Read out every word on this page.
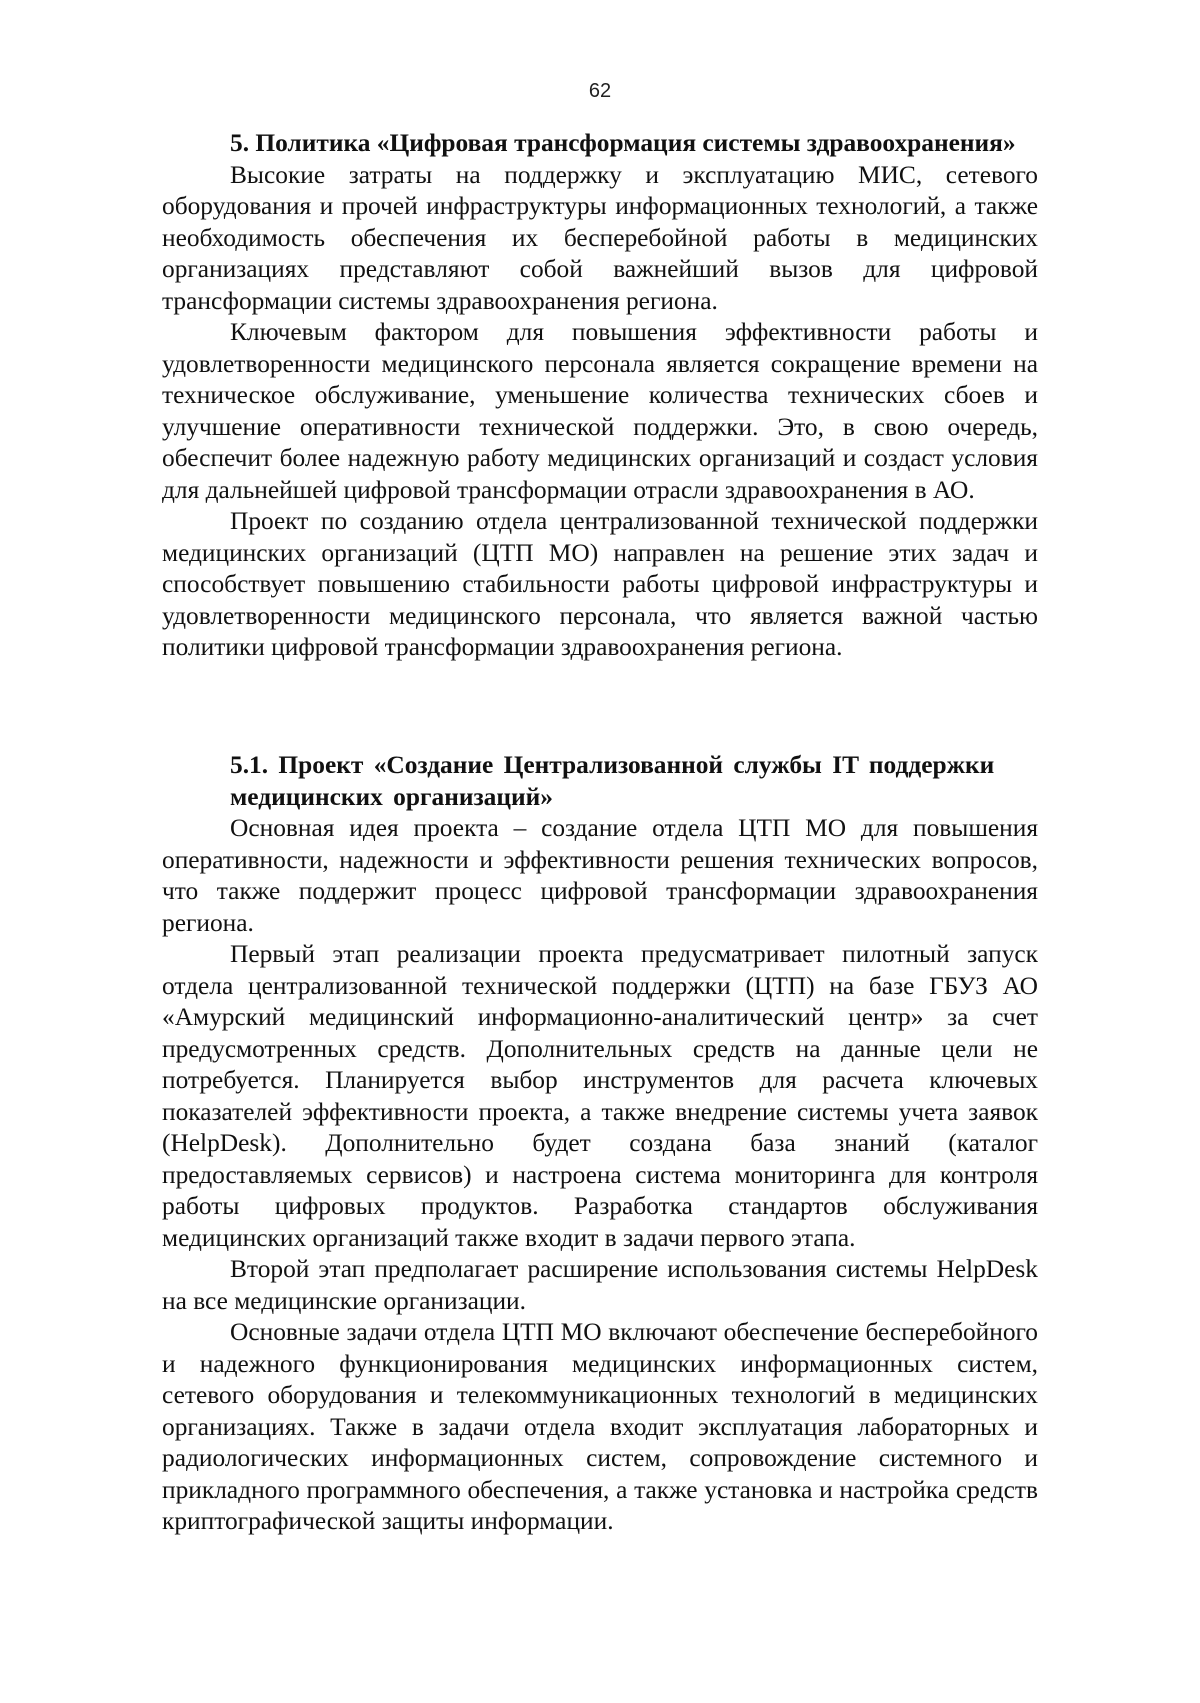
62
5. Политика «Цифровая трансформация системы здравоохранения»

Высокие затраты на поддержку и эксплуатацию МИС, сетевого оборудования и прочей инфраструктуры информационных технологий, а также необходимость обеспечения их бесперебойной работы в медицинских организациях представляют собой важнейший вызов для цифровой трансформации системы здравоохранения региона.

Ключевым фактором для повышения эффективности работы и удовлетворенности медицинского персонала является сокращение времени на техническое обслуживание, уменьшение количества технических сбоев и улучшение оперативности технической поддержки. Это, в свою очередь, обеспечит более надежную работу медицинских организаций и создаст условия для дальнейшей цифровой трансформации отрасли здравоохранения в АО.

Проект по созданию отдела централизованной технической поддержки медицинских организаций (ЦТП МО) направлен на решение этих задач и способствует повышению стабильности работы цифровой инфраструктуры и удовлетворенности медицинского персонала, что является важной частью политики цифровой трансформации здравоохранения региона.

5.1. Проект «Создание Централизованной службы IT поддержки медицинских организаций»

Основная идея проекта – создание отдела ЦТП МО для повышения оперативности, надежности и эффективности решения технических вопросов, что также поддержит процесс цифровой трансформации здравоохранения региона.

Первый этап реализации проекта предусматривает пилотный запуск отдела централизованной технической поддержки (ЦТП) на базе ГБУЗ АО «Амурский медицинский информационно-аналитический центр» за счет предусмотренных средств. Дополнительных средств на данные цели не потребуется. Планируется выбор инструментов для расчета ключевых показателей эффективности проекта, а также внедрение системы учета заявок (HelpDesk). Дополнительно будет создана база знаний (каталог предоставляемых сервисов) и настроена система мониторинга для контроля работы цифровых продуктов. Разработка стандартов обслуживания медицинских организаций также входит в задачи первого этапа.

Второй этап предполагает расширение использования системы HelpDesk на все медицинские организации.

Основные задачи отдела ЦТП МО включают обеспечение бесперебойного и надежного функционирования медицинских информационных систем, сетевого оборудования и телекоммуникационных технологий в медицинских организациях. Также в задачи отдела входит эксплуатация лабораторных и радиологических информационных систем, сопровождение системного и прикладного программного обеспечения, а также установка и настройка средств криптографической защиты информации.
